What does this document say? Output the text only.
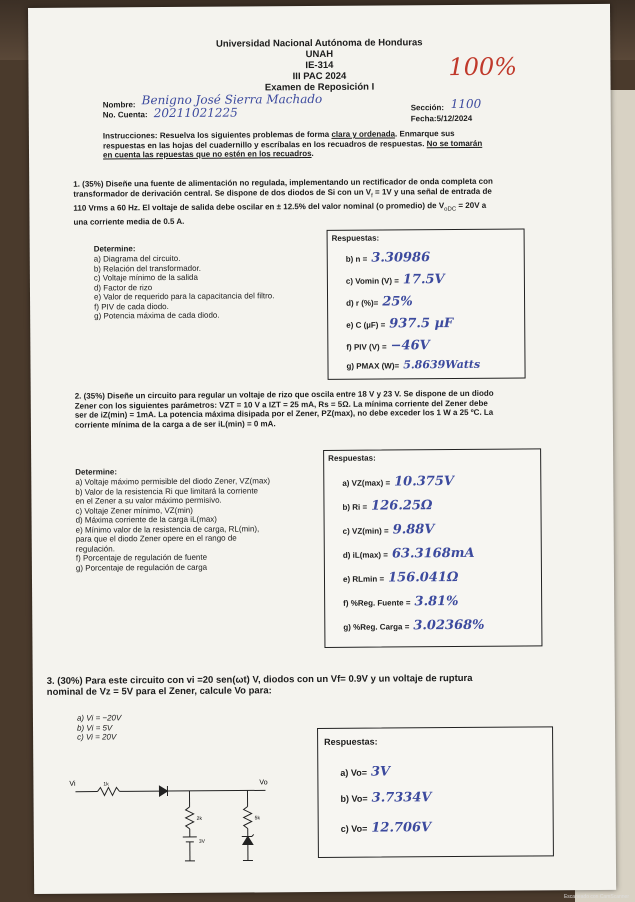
Universidad Nacional Autónoma de Honduras
UNAH
IE-314
III PAC 2024
Examen de Reposición I
100%
Nombre: Benigno José Sierra Machado
No. Cuenta: 20211021225	Sección: 1100
Fecha:5/12/2024
Instrucciones: Resuelva los siguientes problemas de forma clara y ordenada. Enmarque sus respuestas en las hojas del cuadernillo y escríbalas en los recuadros de respuestas. No se tomarán en cuenta las repuestas que no estén en los recuadros.
1. (35%) Diseñe una fuente de alimentación no regulada, implementando un rectificador de onda completa con transformador de derivación central. Se dispone de dos diodos de Si con un $V_f = 1V$ y una señal de entrada de 110 Vrms a 60 Hz. El voltaje de salida debe oscilar en ± 12.5% del valor nominal (o promedio) de $V_{oDC} = 20V$ a una corriente media de 0.5 A.
Determine:
a) Diagrama del circuito.
b) Relación del transformador.
c) Voltaje mínimo de la salida
d) Factor de rizo
e) Valor de requerido para la capacitancia del filtro.
f) PIV de cada diodo.
g) Potencia máxima de cada diodo.
Respuestas:
b) n = 3.30986
c) Vomin (V) = 17.5V
d) r (%)= 25%
e) C (µF) = 937.5 µF
f) PIV (V) = −46V
g) PMAX (W)= 5.8639Watts
2. (35%) Diseñe un circuito para regular un voltaje de rizo que oscila entre 18 V y 23 V. Se dispone de un diodo Zener con los siguientes parámetros: VZT = 10 V a IZT = 25 mA, Rs = 5Ω. La mínima corriente del Zener debe ser de iZ(min) = 1mA. La potencia máxima disipada por el Zener, PZ(max), no debe exceder los 1 W a 25 ºC. La corriente mínima de la carga a de ser iL(min) = 0 mA.
Determine:
a) Voltaje máximo permisible del diodo Zener, VZ(max)
b) Valor de la resistencia Ri que limitará la corriente
en el Zener a su valor máximo permisivo.
c) Voltaje Zener mínimo, VZ(min)
d) Máxima corriente de la carga iL(max)
e) Mínimo valor de la resistencia de carga, RL(min),
para que el diodo Zener opere en el rango de
regulación.
f) Porcentaje de regulación de fuente
g) Porcentaje de regulación de carga
Respuestas:
a) VZ(max) = 10.375V
b) Ri = 126.25Ω
c) VZ(min) = 9.88V
d) iL(max) = 63.3168mA
e) RLmin = 156.041Ω
f) %Reg. Fuente = 3.81%
g) %Reg. Carga = 3.02368%
3. (30%) Para este circuito con vi =20 sen(ωt) V, diodos con un Vf= 0.9V y un voltaje de ruptura nominal de Vz = 5V para el Zener, calcule Vo para:
a) Vi = −20V
b) Vi = 5V
c) Vi = 20V
Vi	1k	Vo
2k	5k
3V
Respuestas:
a) Vo= 3V
b) Vo= 3.7334V
c) Vo= 12.706V
Escaneado con CamScanner
